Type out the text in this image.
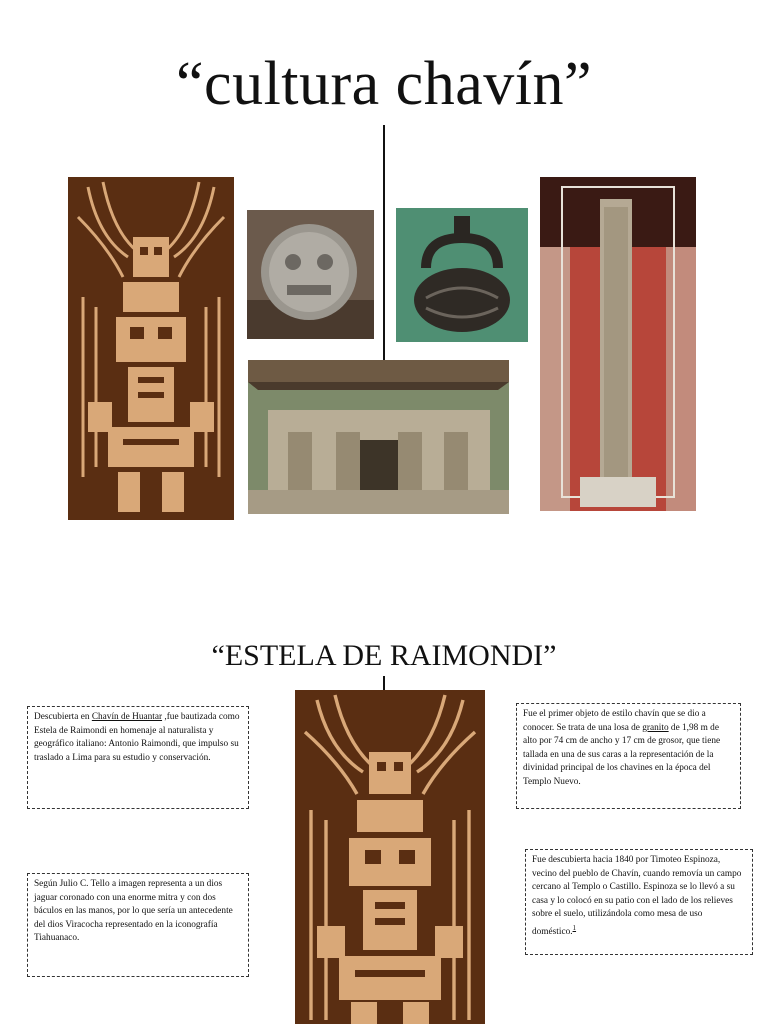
“cultura chavín”
“ESTELA DE RAIMONDI”
Descubierta en Chavín de Huantar ,fue bautizada como Estela de Raimondi en homenaje al naturalista y geográfico italiano: Antonio Raimondi, que impulso su traslado a Lima para su estudio y conservación.
Fue el primer objeto de estilo chavín que se dio a conocer. Se trata de una losa de granito de 1,98 m de alto por 74 cm de ancho y 17 cm de grosor, que tiene tallada en una de sus caras a la representación de la divinidad principal de los chavines en la época del Templo Nuevo.
Según Julio C. Tello a imagen representa a un dios jaguar coronado con una enorme mitra y con dos báculos en las manos, por lo que sería un antecedente del dios Viracocha representado en la iconografía Tiahuanaco.
Fue descubierta hacia 1840 por Timoteo Espinoza, vecino del pueblo de Chavín, cuando removía un campo cercano al Templo o Castillo. Espinoza se lo llevó a su casa y lo colocó en su patio con el lado de los relieves sobre el suelo, utilizándola como mesa de uso doméstico.$^1$
